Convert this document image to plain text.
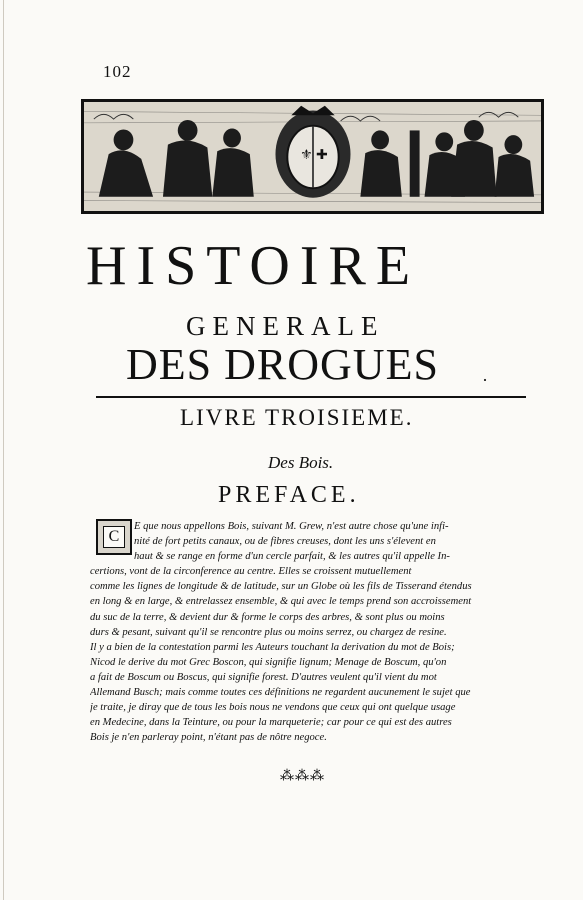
102
⚜ ✚
HISTOIRE
GENERALE
DES DROGUES	·
LIVRE TROISIEME.
Des Bois.
PREFACE.
C
E que nous appellons Bois, suivant M. Grew, n'est autre chose qu'une infi-
nité de fort petits canaux, ou de fibres creuses, dont les uns s'élevent en
haut & se range en forme d'un cercle parfait, & les autres qu'il appelle In-
certions, vont de la circonference au centre. Elles se croissent mutuellement
comme les lignes de longitude & de latitude, sur un Globe où les fils de Tisserand étendus
en long & en large, & entrelassez ensemble, & qui avec le temps prend son accroissement
du suc de la terre, & devient dur & forme le corps des arbres, & sont plus ou moins
durs & pesant, suivant qu'il se rencontre plus ou moins serrez, ou chargez de resine.
Il y a bien de la contestation parmi les Auteurs touchant la derivation du mot de Bois;
Nicod le derive du mot Grec Boscon, qui signifie lignum; Menage de Boscum, qu'on
a fait de Boscum ou Boscus, qui signifie forest. D'autres veulent qu'il vient du mot
Allemand Busch; mais comme toutes ces définitions ne regardent aucunement le sujet que
je traite, je diray que de tous les bois nous ne vendons que ceux qui ont quelque usage
en Medecine, dans la Teinture, ou pour la marqueterie; car pour ce qui est des autres
Bois je n'en parleray point, n'étant pas de nôtre negoce.
⁂⁂⁂
